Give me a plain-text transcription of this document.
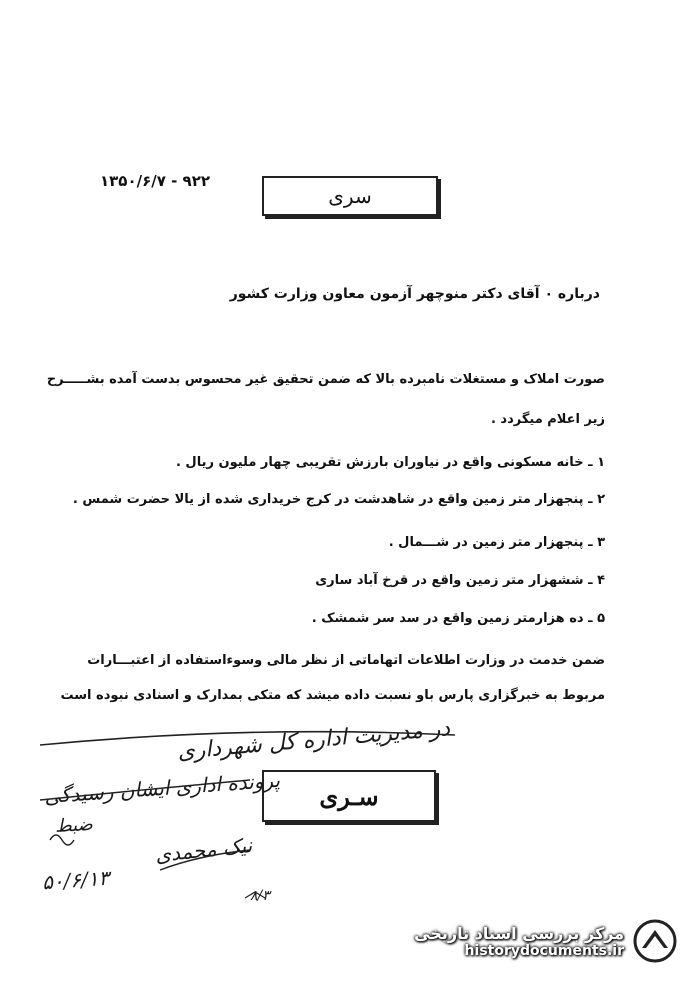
۱۳۵۰/۶/۷ - ۹۲۲
سری
درباره ۰ آقای دکتر منوچهر آزمون معاون وزارت کشور
صورت املاک و مستغلات نامبرده بالا که ضمن تحقیق غیر محسوس بدست آمده بشـــــرح
زیر اعلام میگردد .
۱ ـ خانه مسکونی واقع در نیاوران بارزش تقریبی چهار ملیون ریال .
۲ ـ پنجهزار متر زمین واقع در شاهدشت در کرج خریداری شده از یالا حضرت شمس .
۳ ـ پنجهزار متر زمین در شـــمال .
۴ ـ ششهزار متر زمین واقع در قرخ آباد ساری
۵ ـ ده هزارمتر زمین واقع در سد سر شمشک .
ضمن خدمت در وزارت اطلاعات اتهاماتی از نظر مالی وسوءاستفاده از اعتبـــارات
مربوط به خبرگزاری پارس باو نسبت داده میشد که متکی بمدارک و اسنادی نبوده است
سـری
در مدیریت اداره کل شهرداری
پرونده اداری ایشان رسیدگی
ضبط
۵۰/۶/۱۳
نیک محمدی
۸/۳
مرکز بررسی اسناد تاریخی
historydocuments.ir
